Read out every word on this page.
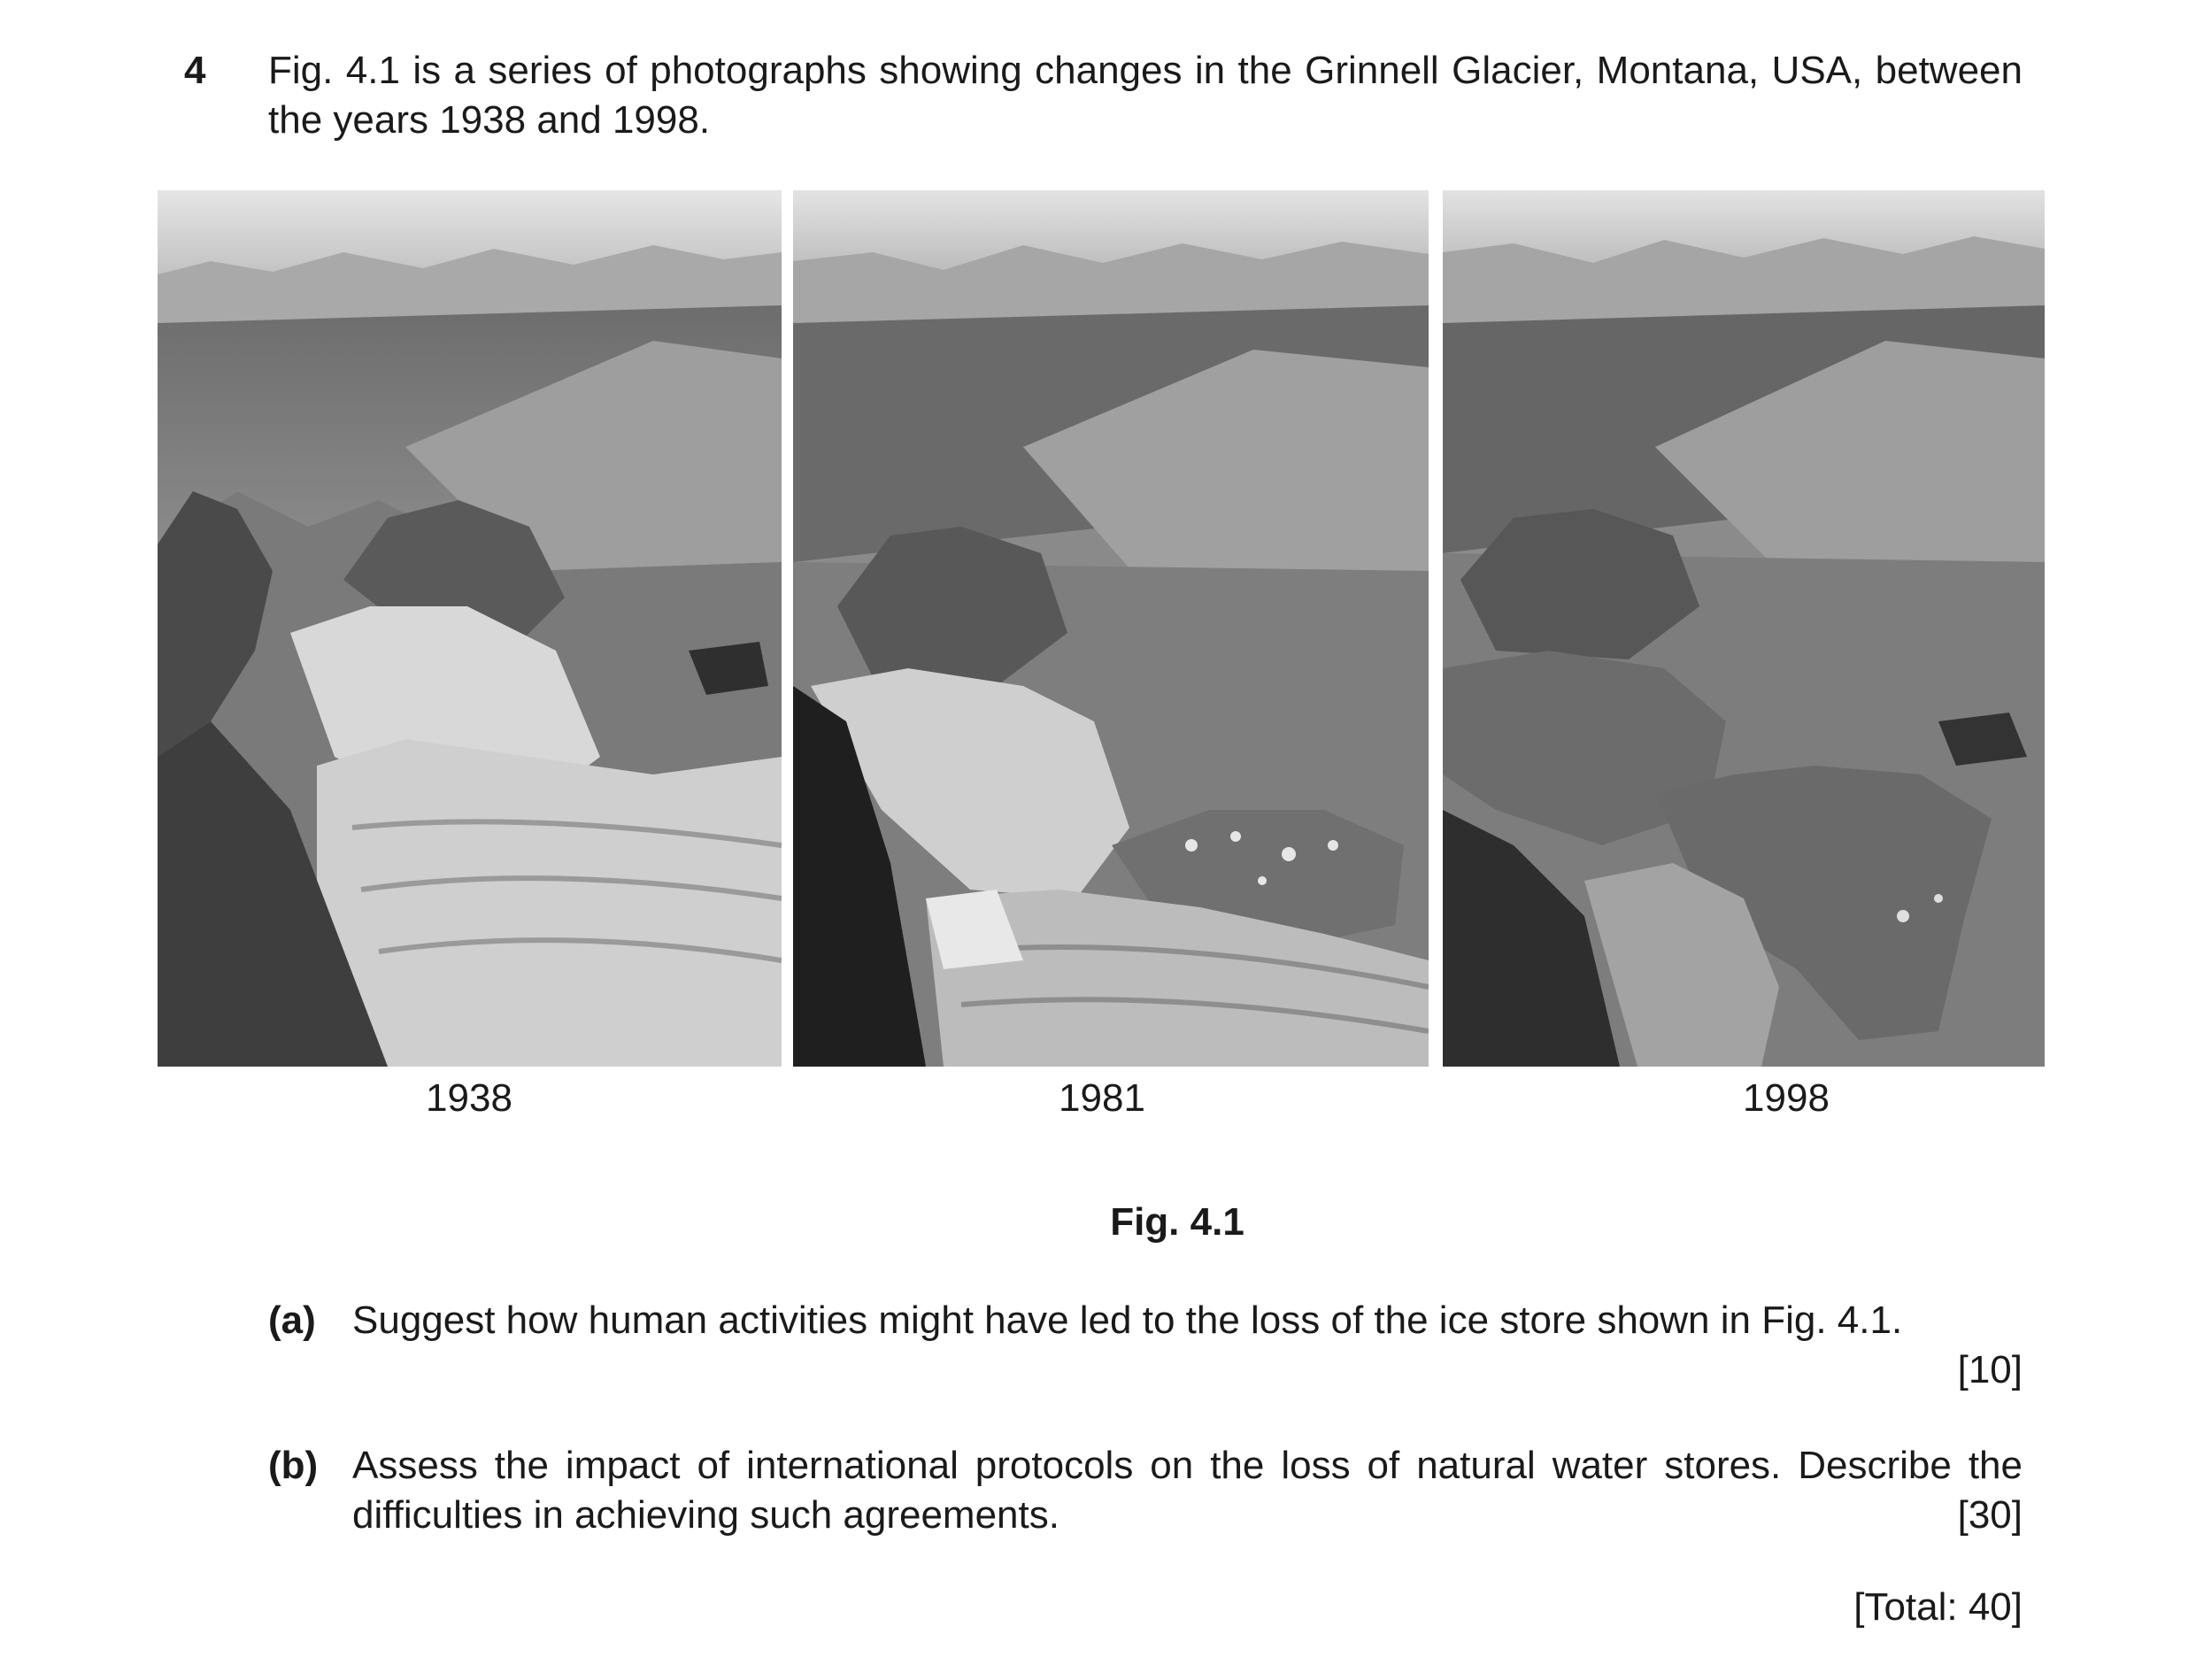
4 Fig. 4.1 is a series of photographs showing changes in the Grinnell Glacier, Montana, USA, between the years 1938 and 1998.
1938	1981	1998
Fig. 4.1
(a) Suggest how human activities might have led to the loss of the ice store shown in Fig. 4.1.
[10]
(b) Assess the impact of international protocols on the loss of natural water stores. Describe the difficulties in achieving such agreements.	[30]
[Total: 40]
